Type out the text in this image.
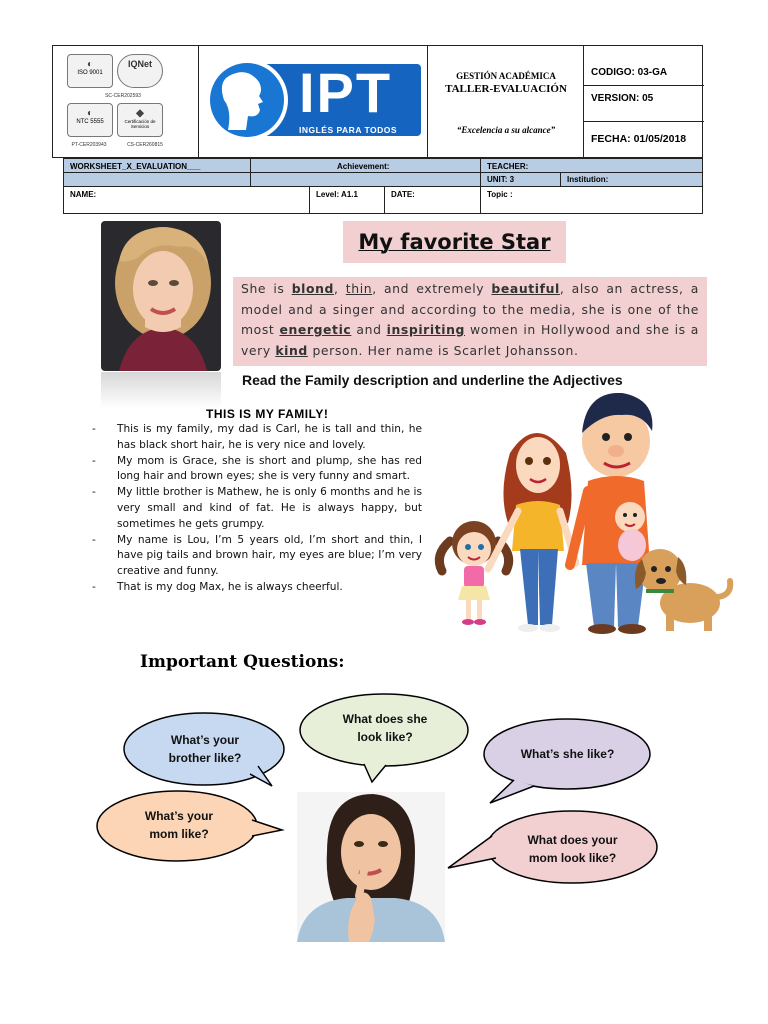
◐
ISO 9001
IQNet
SC-CER202593
◐
NTC 5555
◆
Certificación de Servicios
PT-CER203943	CS-CER260815
IPT
INGLÉS PARA TODOS
GESTIÓN ACADÉMICA
TALLER-EVALUACIÓN
“Excelencia a su alcance”
CODIGO: 03-GA
VERSION: 05
FECHA: 01/05/2018
WORKSHEET_X_EVALUATION___	Achievement:	TEACHER:
UNIT: 3	Institution:
NAME:	Level: A1.1	DATE:	Topic :
My favorite Star
She is blond, thin, and extremely beautiful, also an actress, a model and a singer and according to the media, she is one of the most energetic and inspiriting women in Hollywood and she is a very kind person. Her name is Scarlet Johansson.
Read the Family description and underline the Adjectives
THIS IS MY FAMILY!
- This is my family, my dad is Carl, he is tall and thin, he has black short hair, he is very nice and lovely.
- My mom is Grace, she is short and plump, she has red long hair and brown eyes; she is very funny and smart.
- My little brother is Mathew, he is only 6 months and he is very small and kind of fat. He is always happy, but sometimes he gets grumpy.
- My name is Lou, I’m 5 years old, I’m short and thin, I have pig tails and brown hair, my eyes are blue; I’m very creative and funny.
- That is my dog Max, he is always cheerful.
Important Questions:
What’s your
brother like?
What does she
look like?
What’s she like?
What’s your
mom like?	What does your
mom look like?
